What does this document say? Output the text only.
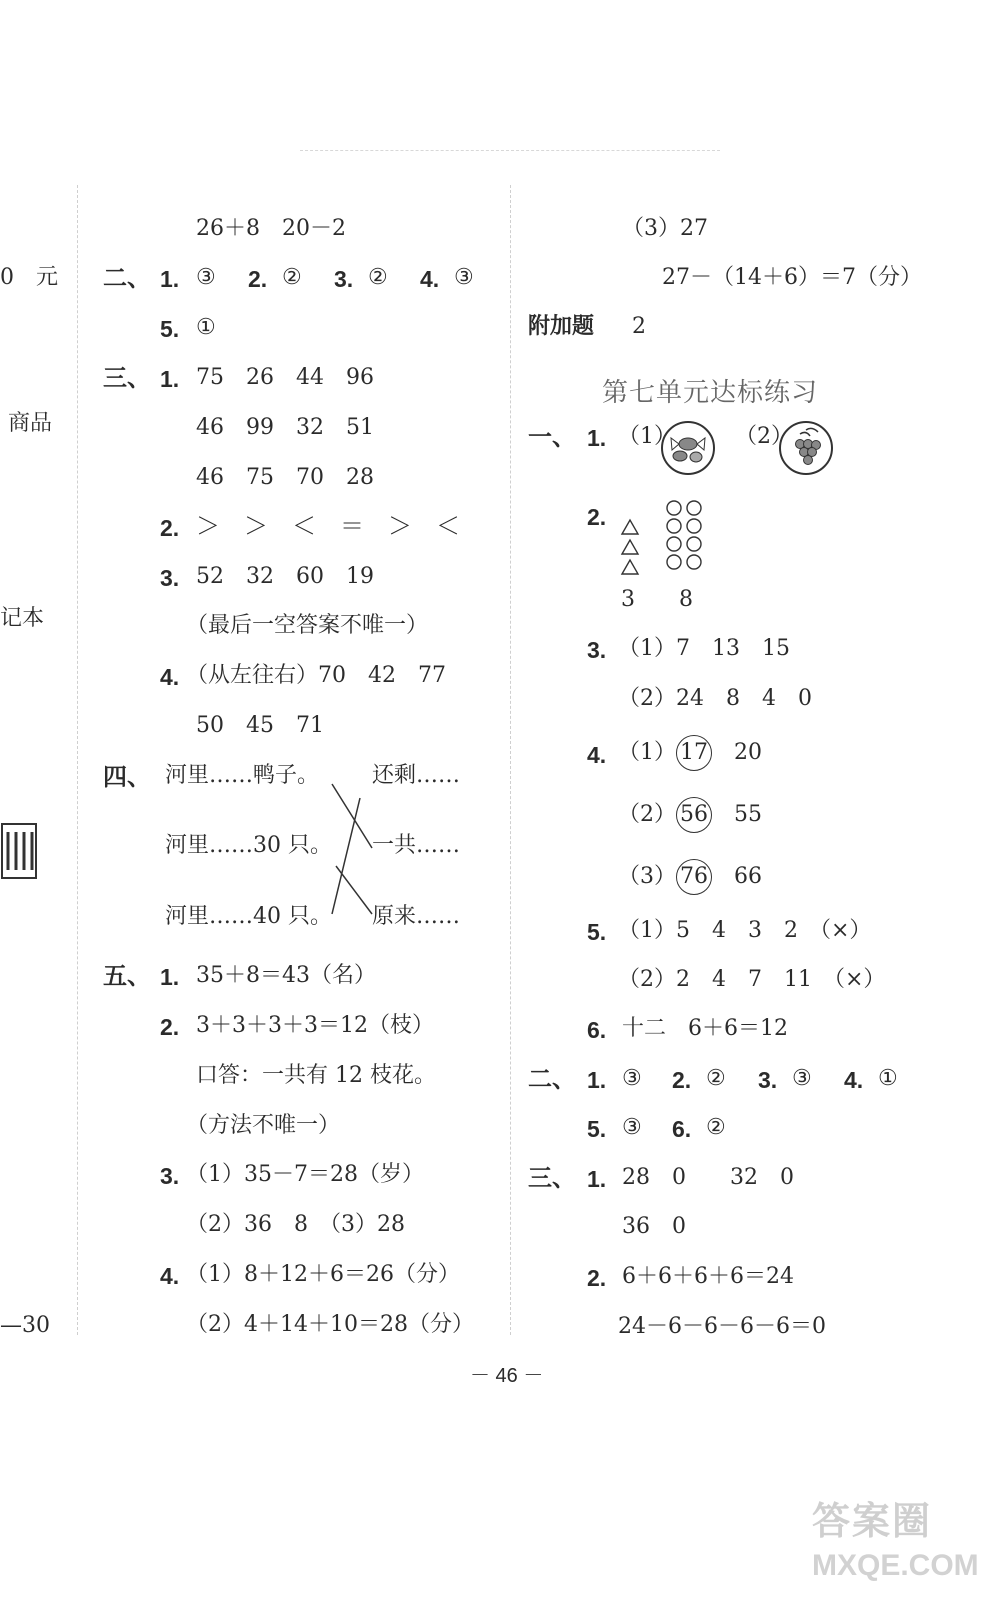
0　元
商品
记本
—30
26＋8　20－2
二、 1. ③ 2. ② 3. ② 4. ③
5. ①
三、 1. 75　26　44　96
46　99　32　51
46　75　70　28
2. ＞　＞　＜　＝　＞　＜
3. 52　32　60　19
（最后一空答案不唯一）
4. （从左往右）70　42　77
50　45　71
四、 河里……鸭子。 还剩……
河里……30 只。 一共……
河里……40 只。 原来……
五、 1. 35＋8＝43（名）
2. 3＋3＋3＋3＝12（枝）
口答：一共有 12 枝花。
（方法不唯一）
3. （1）35－7＝28（岁）
（2）36　8　（3）28
4. （1）8＋12＋6＝26（分）
（2）4＋14＋10＝28（分）
（3）27
27－（14＋6）＝7（分）
附加题 2
第七单元达标练习
一、 1. （1）	（2）
2.
3　　8
3. （1）7　13　15
（2）24　8　4　0
4. （1） 17　 20
（2） 56　 55
（3） 76　 66
5. （1）5　4　3　2　（×）
（2）2　4　7　11　（×）
6. 十二　6＋6＝12
二、 1. ③ 2. ② 3. ③ 4. ①
5. ③ 6. ②
三、 1. 28　0　　32　0
36　0
2. 6＋6＋6＋6＝24
24－6－6－6－6＝0
－ 46 －
答案圈
MXQE.COM
